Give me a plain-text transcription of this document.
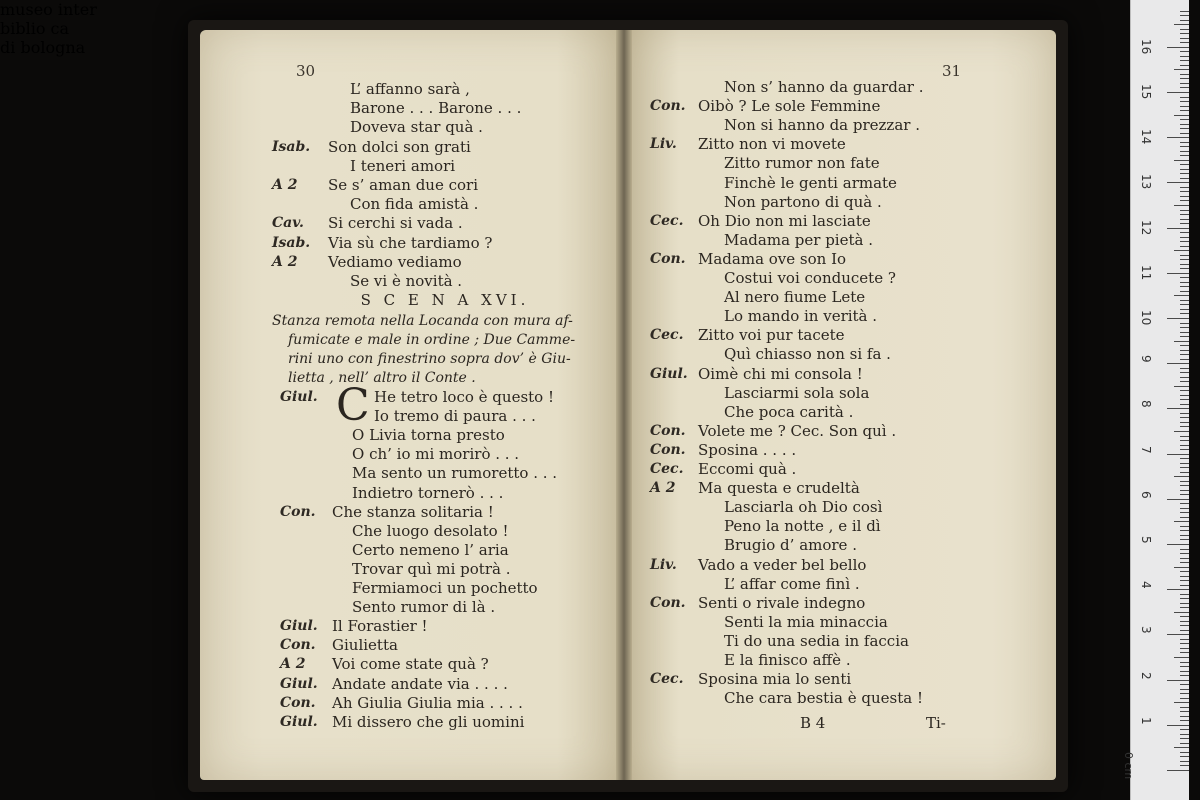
30	31
L’ affanno sarà ,
Barone . . . Barone . . .
Doveva star quà .
Isab. Son dolci son grati
I teneri amori
A 2 Se s’ aman due cori
Con fida amistà .
Cav. Si cerchi si vada .
Isab. Via sù che tardiamo ?
A 2 Vediamo vediamo
Se vi è novità .
S C E N A XVI.
Stanza remota nella Locanda con mura af-
fumicate e male in ordine ; Due Camme-
rini uno con finestrino sopra dov’ è Giu-
lietta , nell’ altro il Conte .
C
Giul.	He tetro loco è questo !
Io tremo di paura . . .
O Livia torna presto
O ch’ io mi morirò . . .
Ma sento un rumoretto . . .
Indietro tornerò . . .
Con. Che stanza solitaria !
Che luogo desolato !
Certo nemeno l’ aria
Trovar quì mi potrà .
Fermiamoci un pochetto
Sento rumor di là .
Giul. Il Forastier !
Con. Giulietta
A 2 Voi come state quà ?
Giul. Andate andate via . . . .
Con. Ah Giulia Giulia mia . . . .
Giul. Mi dissero che gli uomini
Non s’ hanno da guardar .
Con. Oibò ? Le sole Femmine
Non si hanno da prezzar .
Liv. Zitto non vi movete
Zitto rumor non fate
Finchè le genti armate
Non partono di quà .
Cec. Oh Dio non mi lasciate
Madama per pietà .
Con. Madama ove son Io
Costui voi conducete ?
Al nero fiume Lete
Lo mando in verità .
Cec. Zitto voi pur tacete
Quì chiasso non si fa .
Giul. Oimè chi mi consola !
Lasciarmi sola sola
Che poca carità .
Con. Volete me ? Cec. Son quì .
Con. Sposina . . . .
Cec. Eccomi quà .
A 2 Ma questa e crudeltà
Lasciarla oh Dio così
Peno la notte , e il dì
Brugio d’ amore .
Liv. Vado a veder bel bello
L’ affar come finì .
Con. Senti o rivale indegno
Senti la mia minaccia
Ti do una sedia in faccia
E la finisco affè .
Cec. Sposina mia lo senti
Che cara bestia è questa !
B 4	Ti-
museo inter
biblio ca
di bologna
0 cm
16
15
14
13
12
11
10
9
8
7
6
5
4
3
2
1
